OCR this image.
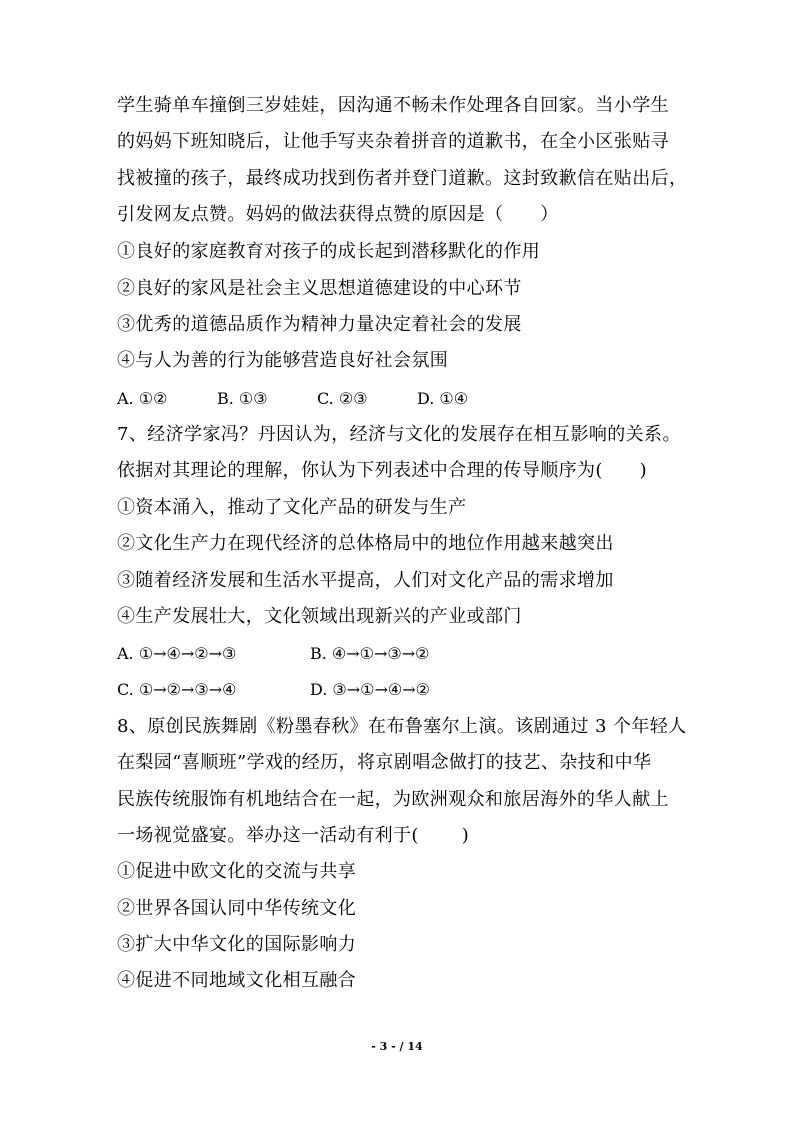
学生骑单车撞倒三岁娃娃，因沟通不畅未作处理各自回家。当小学生
的妈妈下班知晓后，让他手写夹杂着拼音的道歉书，在全小区张贴寻
找被撞的孩子，最终成功找到伤者并登门道歉。这封致歉信在贴出后，
引发网友点赞。妈妈的做法获得点赞的原因是（　　）
①良好的家庭教育对孩子的成长起到潜移默化的作用
②良好的家风是社会主义思想道德建设的中心环节
③优秀的道德品质作为精神力量决定着社会的发展
④与人为善的行为能够营造良好社会氛围
A. ①②	B. ①③	C. ②③	D. ①④
7、经济学家冯？丹因认为，经济与文化的发展存在相互影响的关系。
依据对其理论的理解，你认为下列表述中合理的传导顺序为(　　)
①资本涌入，推动了文化产品的研发与生产
②文化生产力在现代经济的总体格局中的地位作用越来越突出
③随着经济发展和生活水平提高，人们对文化产品的需求增加
④生产发展壮大，文化领域出现新兴的产业或部门
A. ①→④→②→③	B. ④→①→③→②
C. ①→②→③→④	D. ③→①→④→②
8、原创民族舞剧《粉墨春秋》在布鲁塞尔上演。该剧通过 3 个年轻人
在梨园“喜顺班”学戏的经历，将京剧唱念做打的技艺、杂技和中华
民族传统服饰有机地结合在一起，为欧洲观众和旅居海外的华人献上
一场视觉盛宴。举办这一活动有利于(　　 )
①促进中欧文化的交流与共享
②世界各国认同中华传统文化
③扩大中华文化的国际影响力
④促进不同地域文化相互融合
- 3 - / 14
